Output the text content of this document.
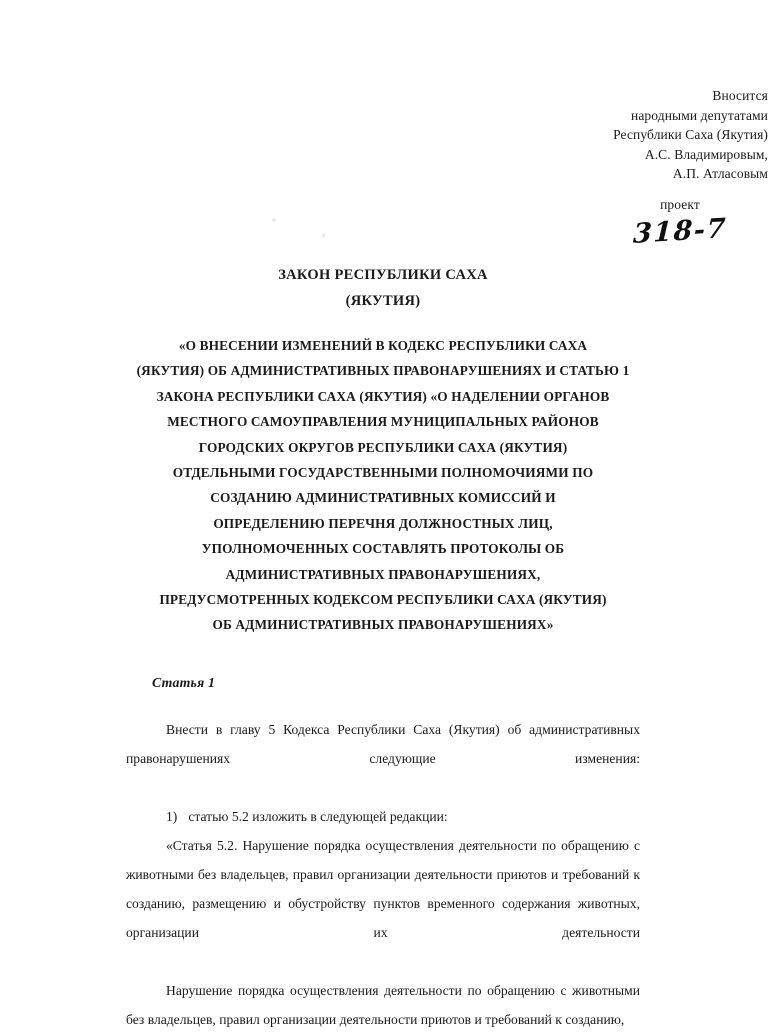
Вносится
народными депутатами
Республики Саха (Якутия)
А.С. Владимировым,
А.П. Атласовым
проект
318-7
ЗАКОН РЕСПУБЛИКИ САХА
(ЯКУТИЯ)
«О ВНЕСЕНИИ ИЗМЕНЕНИЙ В КОДЕКС РЕСПУБЛИКИ САХА
(ЯКУТИЯ) ОБ АДМИНИСТРАТИВНЫХ ПРАВОНАРУШЕНИЯХ И СТАТЬЮ 1
ЗАКОНА РЕСПУБЛИКИ САХА (ЯКУТИЯ) «О НАДЕЛЕНИИ ОРГАНОВ
МЕСТНОГО САМОУПРАВЛЕНИЯ МУНИЦИПАЛЬНЫХ РАЙОНОВ
ГОРОДСКИХ ОКРУГОВ РЕСПУБЛИКИ САХА (ЯКУТИЯ)
ОТДЕЛЬНЫМИ ГОСУДАРСТВЕННЫМИ ПОЛНОМОЧИЯМИ ПО
СОЗДАНИЮ АДМИНИСТРАТИВНЫХ КОМИССИЙ И
ОПРЕДЕЛЕНИЮ ПЕРЕЧНЯ ДОЛЖНОСТНЫХ ЛИЦ,
УПОЛНОМОЧЕННЫХ СОСТАВЛЯТЬ ПРОТОКОЛЫ ОБ
АДМИНИСТРАТИВНЫХ ПРАВОНАРУШЕНИЯХ,
ПРЕДУСМОТРЕННЫХ КОДЕКСОМ РЕСПУБЛИКИ САХА (ЯКУТИЯ)
ОБ АДМИНИСТРАТИВНЫХ ПРАВОНАРУШЕНИЯХ»
Статья 1

Внести в главу 5 Кодекса Республики Саха (Якутия) об административных правонарушениях следующие изменения:

1) статью 5.2 изложить в следующей редакции:

«Статья 5.2. Нарушение порядка осуществления деятельности по обращению с животными без владельцев, правил организации деятельности приютов и требований к созданию, размещению и обустройству пунктов временного содержания животных, организации их деятельности

Нарушение порядка осуществления деятельности по обращению с животными без владельцев, правил организации деятельности приютов и требований к созданию,
